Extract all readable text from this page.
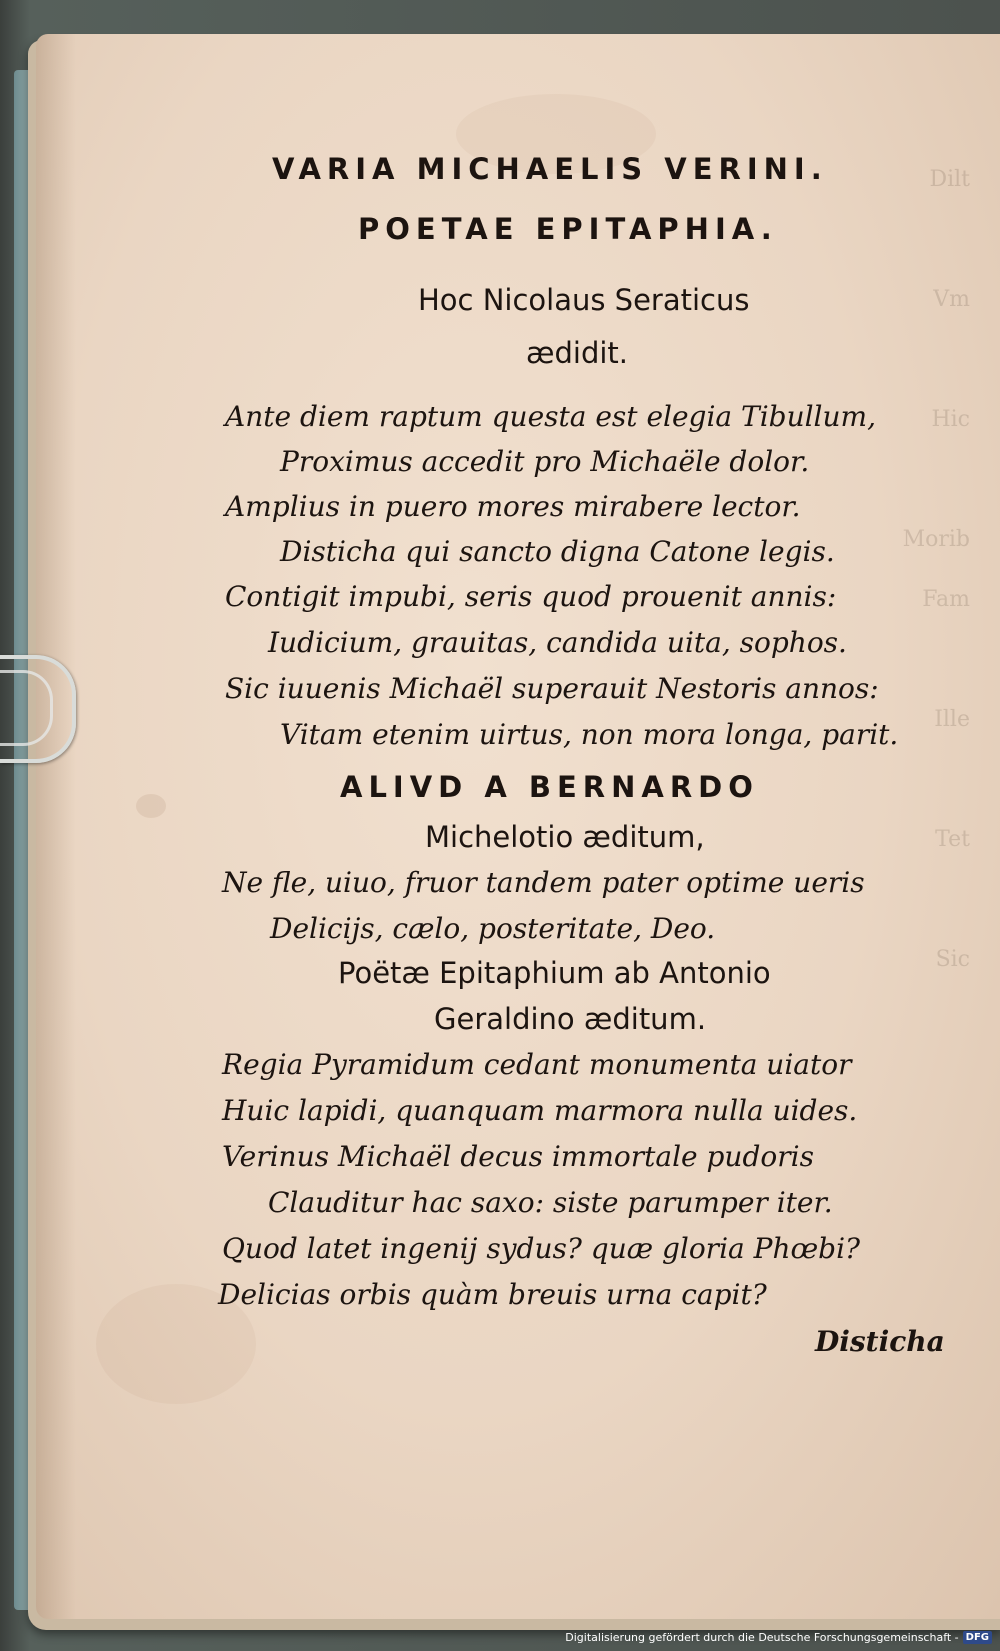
Dilt

Vm

Hic

Morib
Fam

Ille

Tet

Sic
VARIA MICHAELIS VERINI.
POETAE EPITAPHIA.
Hoc Nicolaus Seraticus
ædidit.
Ante diem raptum questa est elegia Tibullum,
Proximus accedit pro Michaële dolor.
Amplius in puero mores mirabere lector.
Disticha qui sancto digna Catone legis.
Contigit impubi, seris quod prouenit annis:
Iudicium, grauitas, candida uita, sophos.
Sic iuuenis Michaël superauit Nestoris annos:
Vitam etenim uirtus, non mora longa, parit.
ALIVD A BERNARDO
Michelotio æditum,
Ne fle, uiuo, fruor tandem pater optime ueris
Delicijs, cælo, posteritate, Deo.
Poëtæ Epitaphium ab Antonio
Geraldino æditum.
Regia Pyramidum cedant monumenta uiator
Huic lapidi, quanquam marmora nulla uides.
Verinus Michaël decus immortale pudoris
Clauditur hac saxo: siste parumper iter.
Quod latet ingenij sydus? quæ gloria Phœbi?
Delicias orbis quàm breuis urna capit?
Disticha
Digitalisierung gefördert durch die Deutsche Forschungsgemeinschaft - DFG
